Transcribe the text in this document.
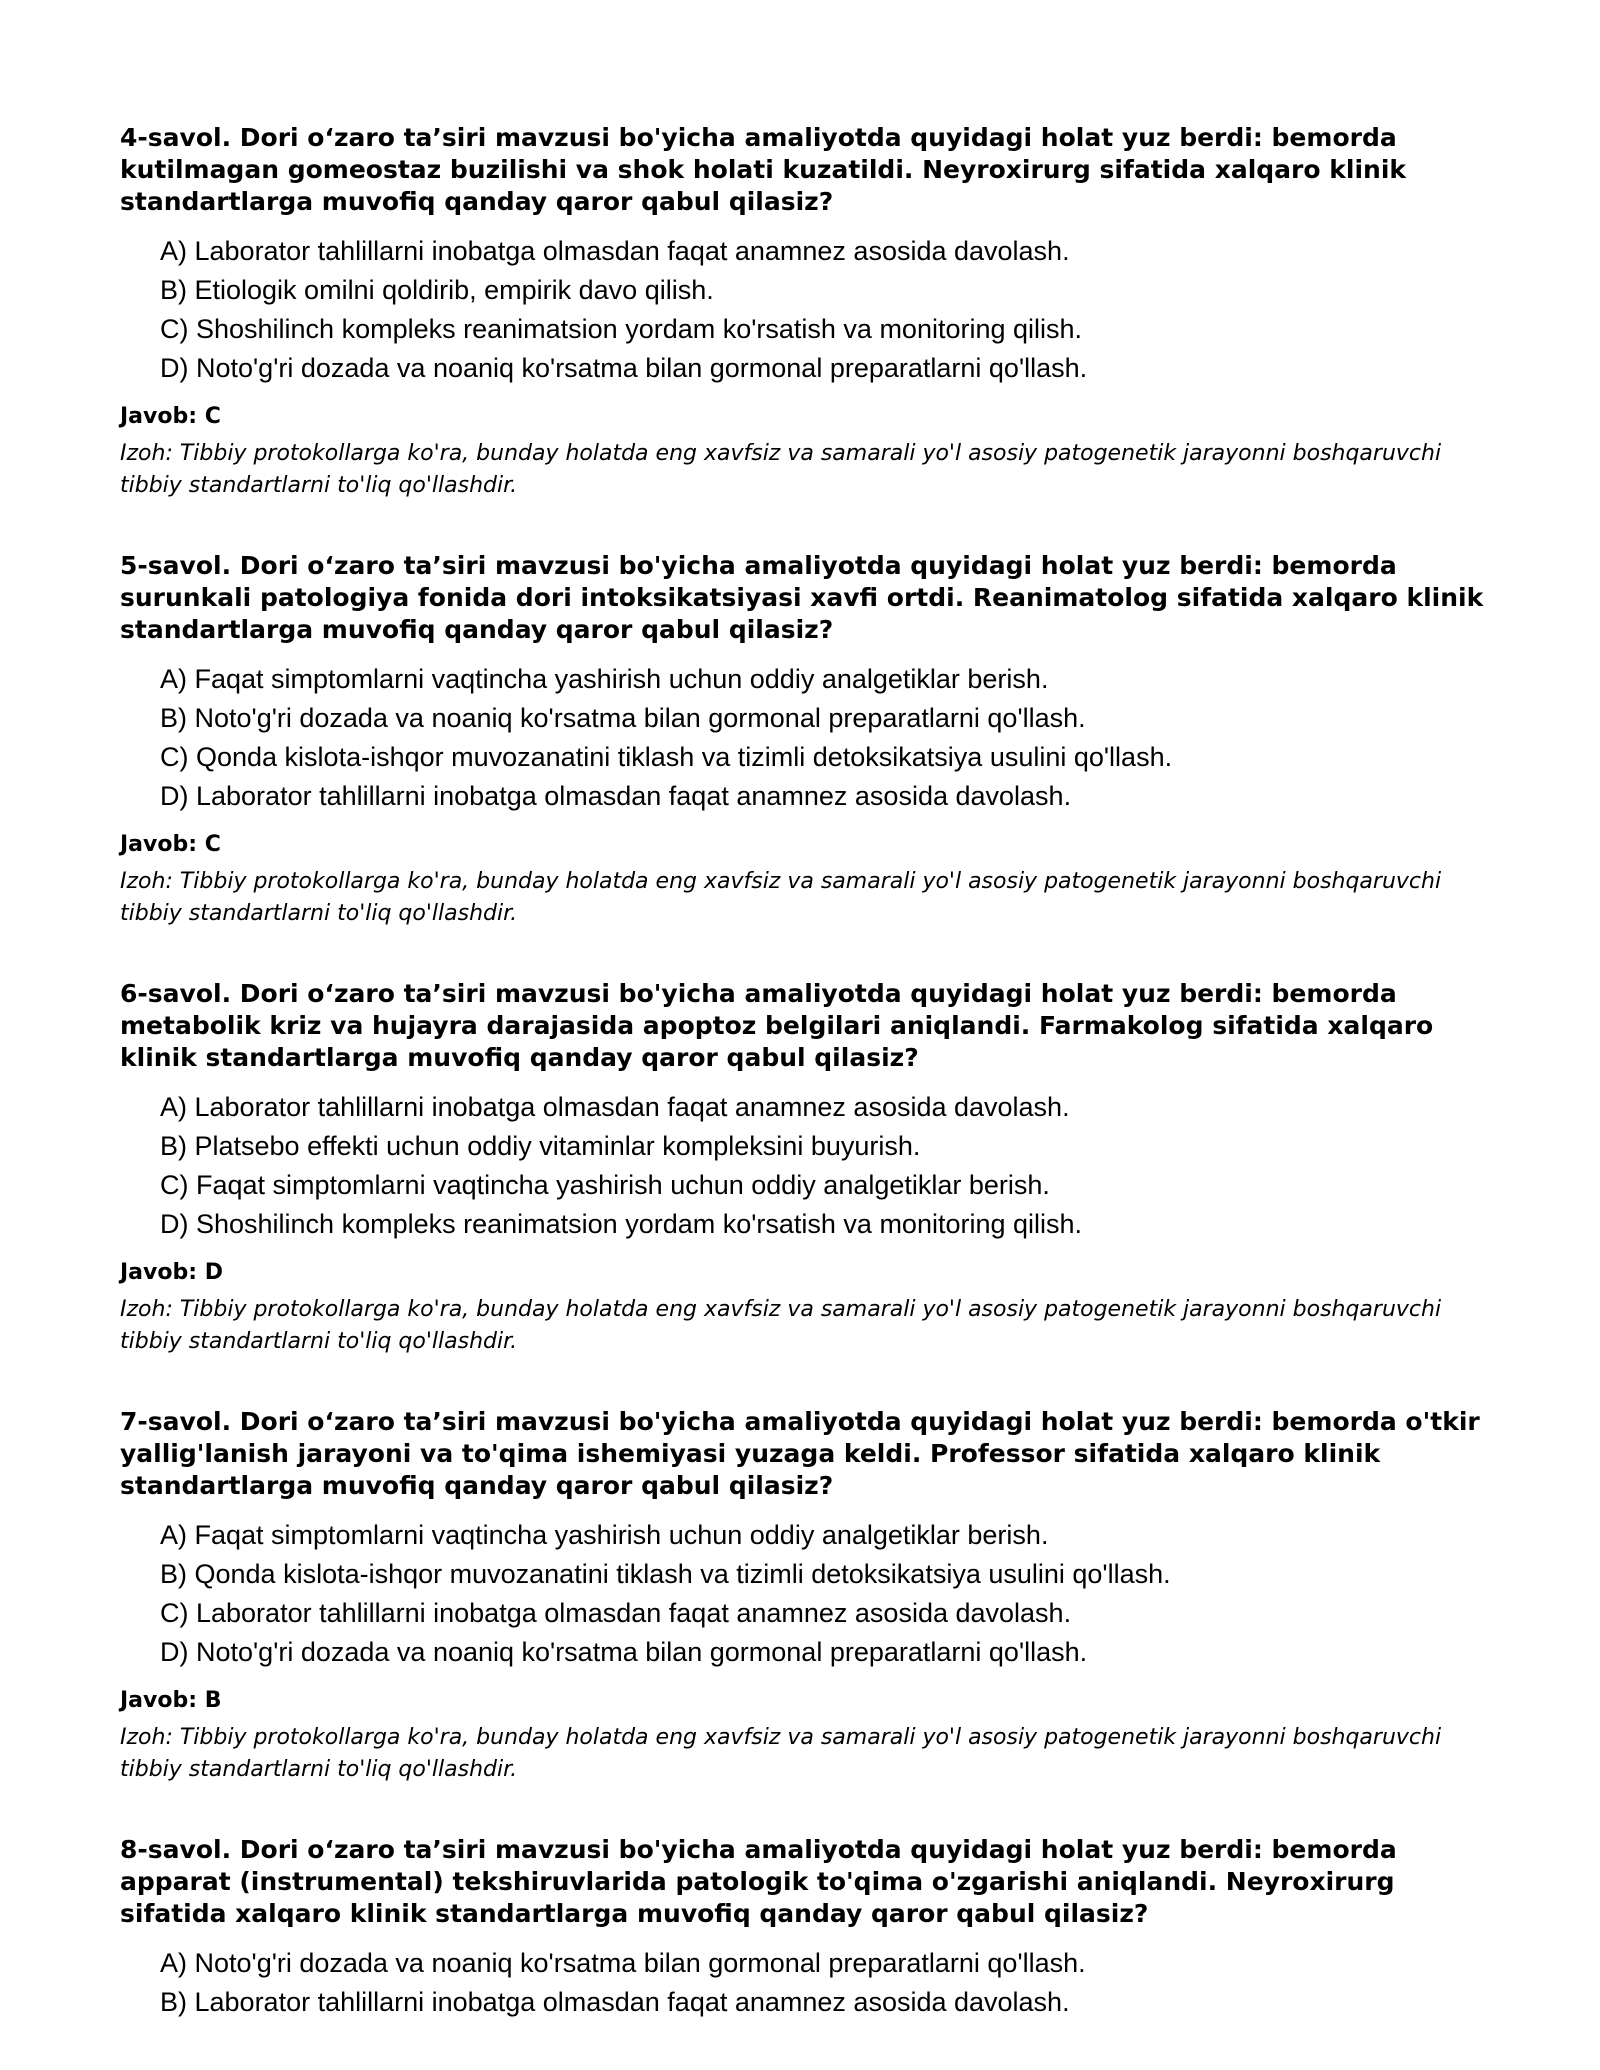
4-savol. Dori o‘zaro ta’siri mavzusi bo'yicha amaliyotda quyidagi holat yuz berdi: bemorda kutilmagan gomeostaz buzilishi va shok holati kuzatildi. Neyroxirurg sifatida xalqaro klinik standartlarga muvofiq qanday qaror qabul qilasiz?
A) Laborator tahlillarni inobatga olmasdan faqat anamnez asosida davolash.
B) Etiologik omilni qoldirib, empirik davo qilish.
C) Shoshilinch kompleks reanimatsion yordam ko'rsatish va monitoring qilish.
D) Noto'g'ri dozada va noaniq ko'rsatma bilan gormonal preparatlarni qo'llash.
Javob: C
Izoh: Tibbiy protokollarga ko'ra, bunday holatda eng xavfsiz va samarali yo'l asosiy patogenetik jarayonni boshqaruvchi tibbiy standartlarni to'liq qo'llashdir.
5-savol. Dori o‘zaro ta’siri mavzusi bo'yicha amaliyotda quyidagi holat yuz berdi: bemorda surunkali patologiya fonida dori intoksikatsiyasi xavfi ortdi. Reanimatolog sifatida xalqaro klinik standartlarga muvofiq qanday qaror qabul qilasiz?
A) Faqat simptomlarni vaqtincha yashirish uchun oddiy analgetiklar berish.
B) Noto'g'ri dozada va noaniq ko'rsatma bilan gormonal preparatlarni qo'llash.
C) Qonda kislota-ishqor muvozanatini tiklash va tizimli detoksikatsiya usulini qo'llash.
D) Laborator tahlillarni inobatga olmasdan faqat anamnez asosida davolash.
Javob: C
Izoh: Tibbiy protokollarga ko'ra, bunday holatda eng xavfsiz va samarali yo'l asosiy patogenetik jarayonni boshqaruvchi tibbiy standartlarni to'liq qo'llashdir.
6-savol. Dori o‘zaro ta’siri mavzusi bo'yicha amaliyotda quyidagi holat yuz berdi: bemorda metabolik kriz va hujayra darajasida apoptoz belgilari aniqlandi. Farmakolog sifatida xalqaro klinik standartlarga muvofiq qanday qaror qabul qilasiz?
A) Laborator tahlillarni inobatga olmasdan faqat anamnez asosida davolash.
B) Platsebo effekti uchun oddiy vitaminlar kompleksini buyurish.
C) Faqat simptomlarni vaqtincha yashirish uchun oddiy analgetiklar berish.
D) Shoshilinch kompleks reanimatsion yordam ko'rsatish va monitoring qilish.
Javob: D
Izoh: Tibbiy protokollarga ko'ra, bunday holatda eng xavfsiz va samarali yo'l asosiy patogenetik jarayonni boshqaruvchi tibbiy standartlarni to'liq qo'llashdir.
7-savol. Dori o‘zaro ta’siri mavzusi bo'yicha amaliyotda quyidagi holat yuz berdi: bemorda o'tkir yallig'lanish jarayoni va to'qima ishemiyasi yuzaga keldi. Professor sifatida xalqaro klinik standartlarga muvofiq qanday qaror qabul qilasiz?
A) Faqat simptomlarni vaqtincha yashirish uchun oddiy analgetiklar berish.
B) Qonda kislota-ishqor muvozanatini tiklash va tizimli detoksikatsiya usulini qo'llash.
C) Laborator tahlillarni inobatga olmasdan faqat anamnez asosida davolash.
D) Noto'g'ri dozada va noaniq ko'rsatma bilan gormonal preparatlarni qo'llash.
Javob: B
Izoh: Tibbiy protokollarga ko'ra, bunday holatda eng xavfsiz va samarali yo'l asosiy patogenetik jarayonni boshqaruvchi tibbiy standartlarni to'liq qo'llashdir.
8-savol. Dori o‘zaro ta’siri mavzusi bo'yicha amaliyotda quyidagi holat yuz berdi: bemorda apparat (instrumental) tekshiruvlarida patologik to'qima o'zgarishi aniqlandi. Neyroxirurg sifatida xalqaro klinik standartlarga muvofiq qanday qaror qabul qilasiz?
A) Noto'g'ri dozada va noaniq ko'rsatma bilan gormonal preparatlarni qo'llash.
B) Laborator tahlillarni inobatga olmasdan faqat anamnez asosida davolash.
